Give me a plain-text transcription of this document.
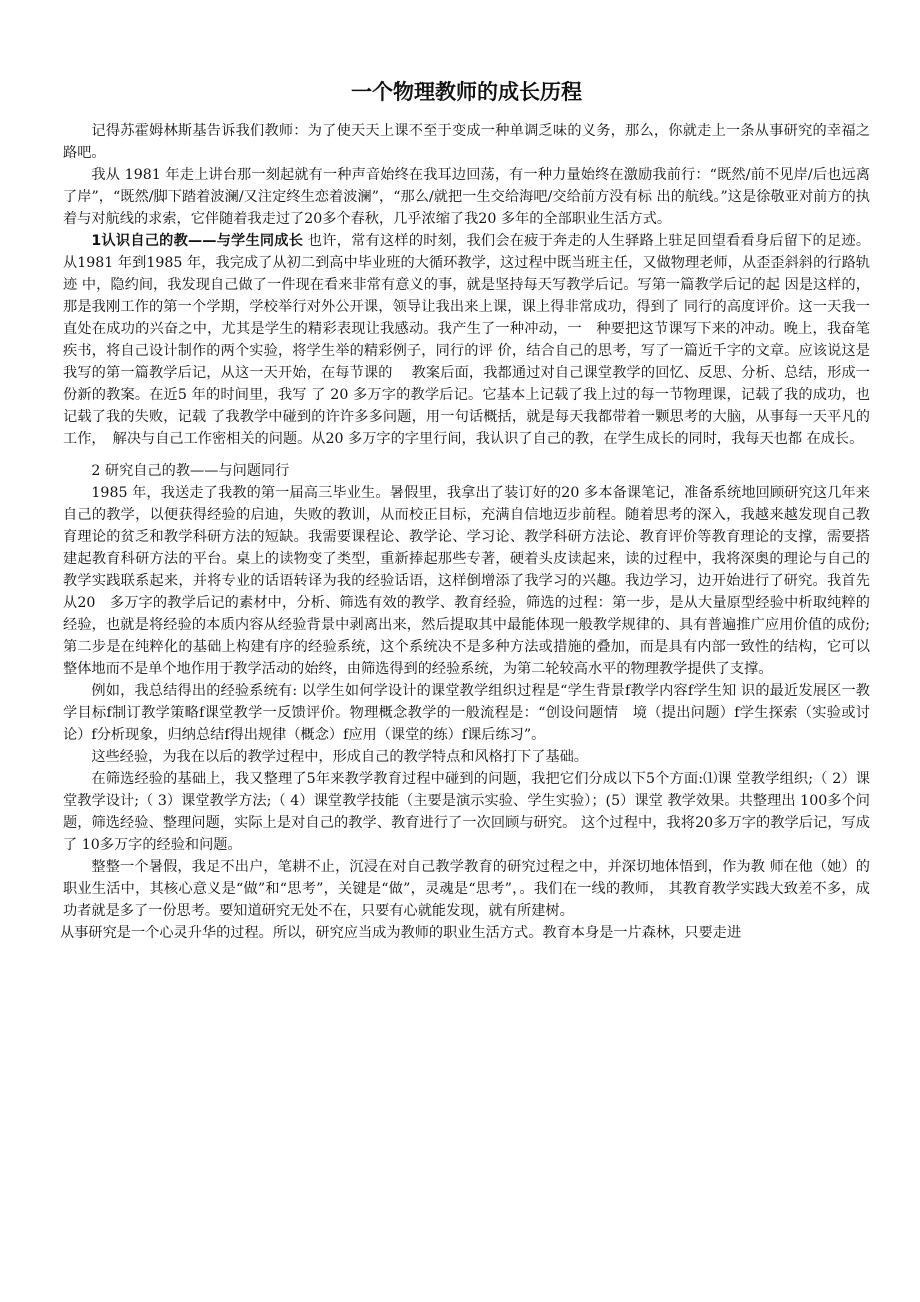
一个物理教师的成长历程

记得苏霍姆林斯基告诉我们教师：为了使天天上课不至于变成一种单调乏味的义务，那么，你就走上一条从事研究的幸福之路吧。

我从 1981 年走上讲台那一刻起就有一种声音始终在我耳边回荡，有一种力量始终在激励我前行：“既然/前不见岸/后也远离了岸”，“既然/脚下踏着波澜/又注定终生恋着波澜”，“那么/就把一生交给海吧/交给前方没有标 出的航线。”这是徐敬亚对前方的执着与对航线的求索，它伴随着我走过了20多个春秋，几乎浓缩了我20 多年的全部职业生活方式。

1认识自己的教——与学生同成长 也许，常有这样的时刻，我们会在疲于奔走的人生驿路上驻足回望看看身后留下的足迹。从1981 年到1985 年，我完成了从初二到高中毕业班的大循环教学，这过程中既当班主任，又做物理老师，从歪歪斜斜的行路轨迹 中，隐约间，我发现自己做了一件现在看来非常有意义的事，就是坚持每天写教学后记。写第一篇教学后记的起 因是这样的，那是我刚工作的第一个学期，学校举行对外公开课，领导让我出来上课，课上得非常成功，得到了 同行的高度评价。这一天我一直处在成功的兴奋之中，尤其是学生的精彩表现让我感动。我产生了一种冲动，一　种要把这节课写下来的冲动。晚上，我奋笔疾书，将自己设计制作的两个实验，将学生举的精彩例子，同行的评 价，结合自己的思考，写了一篇近千字的文章。应该说这是我写的第一篇教学后记，从这一天开始，在每节课的　 教案后面，我都通过对自己课堂教学的回忆、反思、分析、总结，形成一份新的教案。在近5 年的时间里，我写 了 20 多万字的教学后记。它基本上记载了我上过的每一节物理课，记载了我的成功，也记载了我的失败，记载 了我教学中碰到的许许多多问题，用一句话概括，就是每天我都带着一颗思考的大脑，从事每一天平凡的工作，　解决与自己工作密相关的问题。从20 多万字的字里行间，我认识了自己的教，在学生成长的同时，我每天也都 在成长。

2 研究自己的教——与问题同行

1985 年，我送走了我教的第一届高三毕业生。暑假里，我拿出了装订好的20 多本备课笔记，准备系统地回顾研究这几年来自己的教学，以便获得经验的启迪，失败的教训，从而校正目标，充满自信地迈步前程。随着思考的深入，我越来越发现自己教育理论的贫乏和教学科研方法的短缺。我需要课程论、教学论、学习论、教学科研方法论、教育评价等教育理论的支撑，需要搭建起教育科研方法的平台。桌上的读物变了类型，重新捧起那些专著，硬着头皮读起来，读的过程中，我将深奥的理论与自己的教学实践联系起来，并将专业的话语转译为我的经验话语，这样倒增添了我学习的兴趣。我边学习，边开始进行了研究。我首先从20　多万字的教学后记的素材中，分析、筛选有效的教学、教育经验，筛选的过程：第一步，是从大量原型经验中析取纯粹的经验，也就是将经验的本质内容从经验背景中剥离出来，然后提取其中最能体现一般教学规律的、具有普遍推广应用价值的成份;第二步是在纯粹化的基础上构建有序的经验系统，这个系统决不是多种方法或措施的叠加，而是具有内部一致性的结构，它可以整体地而不是单个地作用于教学活动的始终，由筛选得到的经验系统，为第二轮较高水平的物理教学提供了支撑。

例如，我总结得出的经验系统有: 以学生如何学设计的课堂教学组织过程是“学生背景f教学内容f学生知 识的最近发展区一教学目标f制订教学策略f课堂教学一反馈评价。物理概念教学的一般流程是：“创设问题情　境（提出问题）f学生探索（实验或讨论）f分析现象，归纳总结f得出规律（概念）f应用（课堂的练）f课后练习”。

这些经验，为我在以后的教学过程中，形成自己的教学特点和风格打下了基础。

在筛选经验的基础上，我又整理了5年来教学教育过程中碰到的问题，我把它们分成以下5个方面:⑴课 堂教学组织;（ 2）课堂教学设计;（ 3）课堂教学方法;（ 4）课堂教学技能（主要是演示实验、学生实验）；(5）课堂 教学效果。共整理出 100多个问题，筛选经验、整理问题，实际上是对自己的教学、教育进行了一次回顾与研究。 这个过程中，我将20多万字的教学后记，写成了 10多万字的经验和问题。

整整一个暑假，我足不出户，笔耕不止，沉浸在对自己教学教育的研究过程之中，并深切地体悟到，作为教 师在他（她）的职业生活中，其核心意义是“做”和“思考”，关键是“做”，灵魂是“思考”，。我们在一线的教师， 其教育教学实践大致差不多，成功者就是多了一份思考。要知道研究无处不在，只要有心就能发现，就有所建树。

从事研究是一个心灵升华的过程。所以，研究应当成为教师的职业生活方式。教育本身是一片森林，只要走进
